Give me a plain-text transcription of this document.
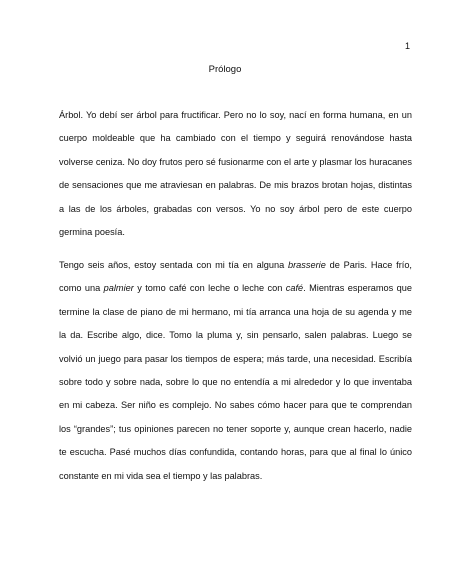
1
Prólogo

Árbol. Yo debí ser árbol para fructificar. Pero no lo soy, nací en forma humana, en un cuerpo moldeable que ha cambiado con el tiempo y seguirá renovándose hasta volverse ceniza. No doy frutos pero sé fusionarme con el arte y plasmar los huracanes de sensaciones que me atraviesan en palabras. De mis brazos brotan hojas, distintas a las de los árboles, grabadas con versos. Yo no soy árbol pero de este cuerpo germina poesía.

Tengo seis años, estoy sentada con mi tía en alguna brasserie de Paris. Hace frío, como una palmier y tomo café con leche o leche con café. Mientras esperamos que termine la clase de piano de mi hermano, mi tía arranca una hoja de su agenda y me la da. Escribe algo, dice. Tomo la pluma y, sin pensarlo, salen palabras. Luego se volvió un juego para pasar los tiempos de espera; más tarde, una necesidad. Escribía sobre todo y sobre nada, sobre lo que no entendía a mi alrededor y lo que inventaba en mi cabeza. Ser niño es complejo. No sabes cómo hacer para que te comprendan los “grandes”; tus opiniones parecen no tener soporte y, aunque crean hacerlo, nadie te escucha. Pasé muchos días confundida, contando horas, para que al final lo único constante en mi vida sea el tiempo y las palabras.
